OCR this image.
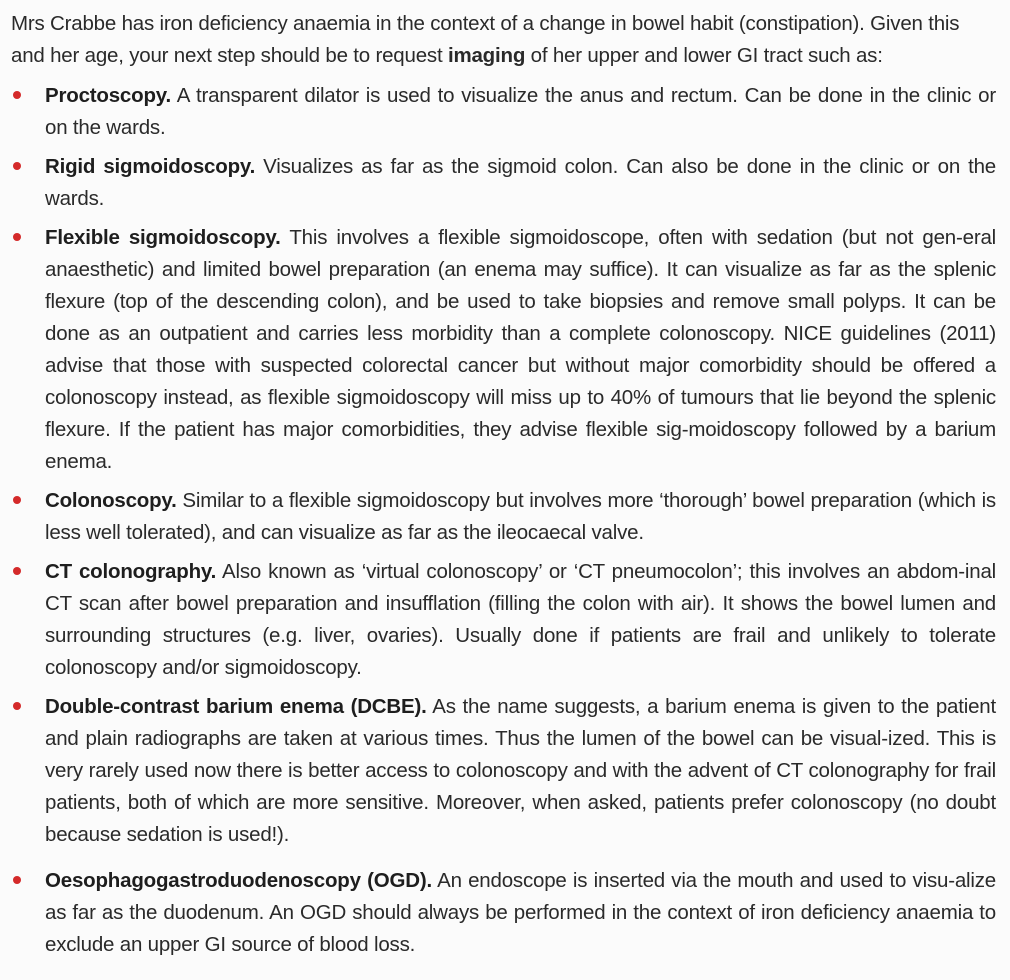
Mrs Crabbe has iron deficiency anaemia in the context of a change in bowel habit (constipation). Given this and her age, your next step should be to request imaging of her upper and lower GI tract such as:

Proctoscopy. A transparent dilator is used to visualize the anus and rectum. Can be done in the clinic or on the wards.
Rigid sigmoidoscopy. Visualizes as far as the sigmoid colon. Can also be done in the clinic or on the wards.
Flexible sigmoidoscopy. This involves a flexible sigmoidoscope, often with sedation (but not gen-eral anaesthetic) and limited bowel preparation (an enema may suffice). It can visualize as far as the splenic flexure (top of the descending colon), and be used to take biopsies and remove small polyps. It can be done as an outpatient and carries less morbidity than a complete colonoscopy. NICE guidelines (2011) advise that those with suspected colorectal cancer but without major comorbidity should be offered a colonoscopy instead, as flexible sigmoidoscopy will miss up to 40% of tumours that lie beyond the splenic flexure. If the patient has major comorbidities, they advise flexible sig-moidoscopy followed by a barium enema.
Colonoscopy. Similar to a flexible sigmoidoscopy but involves more ‘thorough’ bowel preparation (which is less well tolerated), and can visualize as far as the ileocaecal valve.
CT colonography. Also known as ‘virtual colonoscopy’ or ‘CT pneumocolon’; this involves an abdom-inal CT scan after bowel preparation and insufflation (filling the colon with air). It shows the bowel lumen and surrounding structures (e.g. liver, ovaries). Usually done if patients are frail and unlikely to tolerate colonoscopy and/or sigmoidoscopy.
Double-contrast barium enema (DCBE). As the name suggests, a barium enema is given to the patient and plain radiographs are taken at various times. Thus the lumen of the bowel can be visual-ized. This is very rarely used now there is better access to colonoscopy and with the advent of CT colonography for frail patients, both of which are more sensitive. Moreover, when asked, patients prefer colonoscopy (no doubt because sedation is used!).
Oesophagogastroduodenoscopy (OGD). An endoscope is inserted via the mouth and used to visu-alize as far as the duodenum. An OGD should always be performed in the context of iron deficiency anaemia to exclude an upper GI source of blood loss.
